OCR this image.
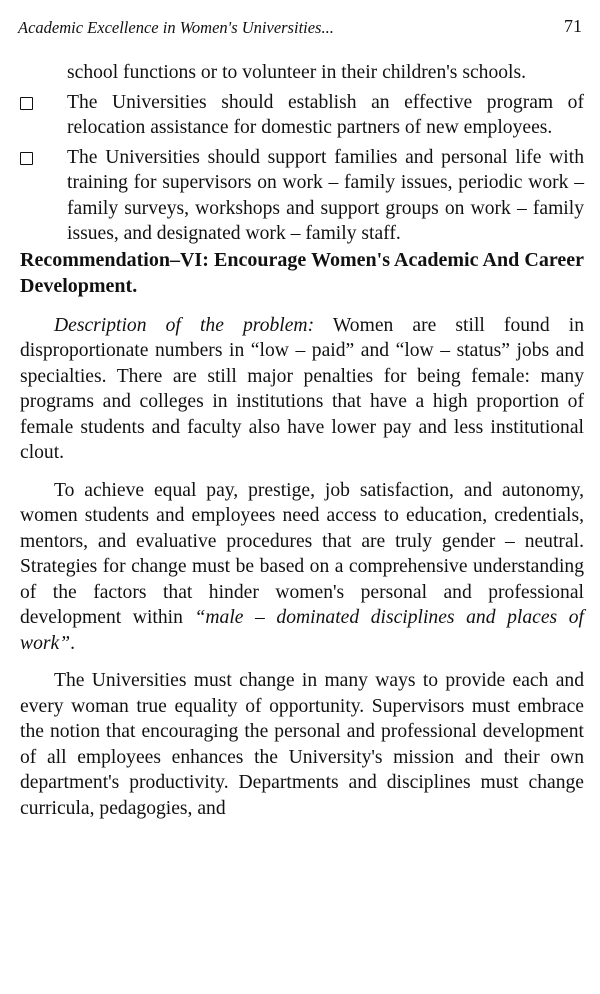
Academic Excellence in Women's Universities...	71

school functions or to volunteer in their children's schools.

The Universities should establish an effective program of relocation assistance for domestic partners of new employees.

The Universities should support families and personal life with training for supervisors on work – family issues, periodic work – family surveys, workshops and support groups on work – family issues, and designated work – family staff.

Recommendation–VI: Encourage Women's Academic And Career Development.

Description of the problem: Women are still found in disproportionate numbers in “low – paid” and “low – status” jobs and specialties. There are still major penalties for being female: many programs and colleges in institutions that have a high proportion of female students and faculty also have lower pay and less institutional clout.

To achieve equal pay, prestige, job satisfaction, and autonomy, women students and employees need access to education, credentials, mentors, and evaluative procedures that are truly gender – neutral. Strategies for change must be based on a comprehensive understanding of the factors that hinder women's personal and professional development within “male – dominated disciplines and places of work”.

The Universities must change in many ways to provide each and every woman true equality of opportunity. Supervisors must embrace the notion that encouraging the personal and professional development of all employees enhances the University's mission and their own department's productivity. Departments and disciplines must change curricula, pedagogies, and
